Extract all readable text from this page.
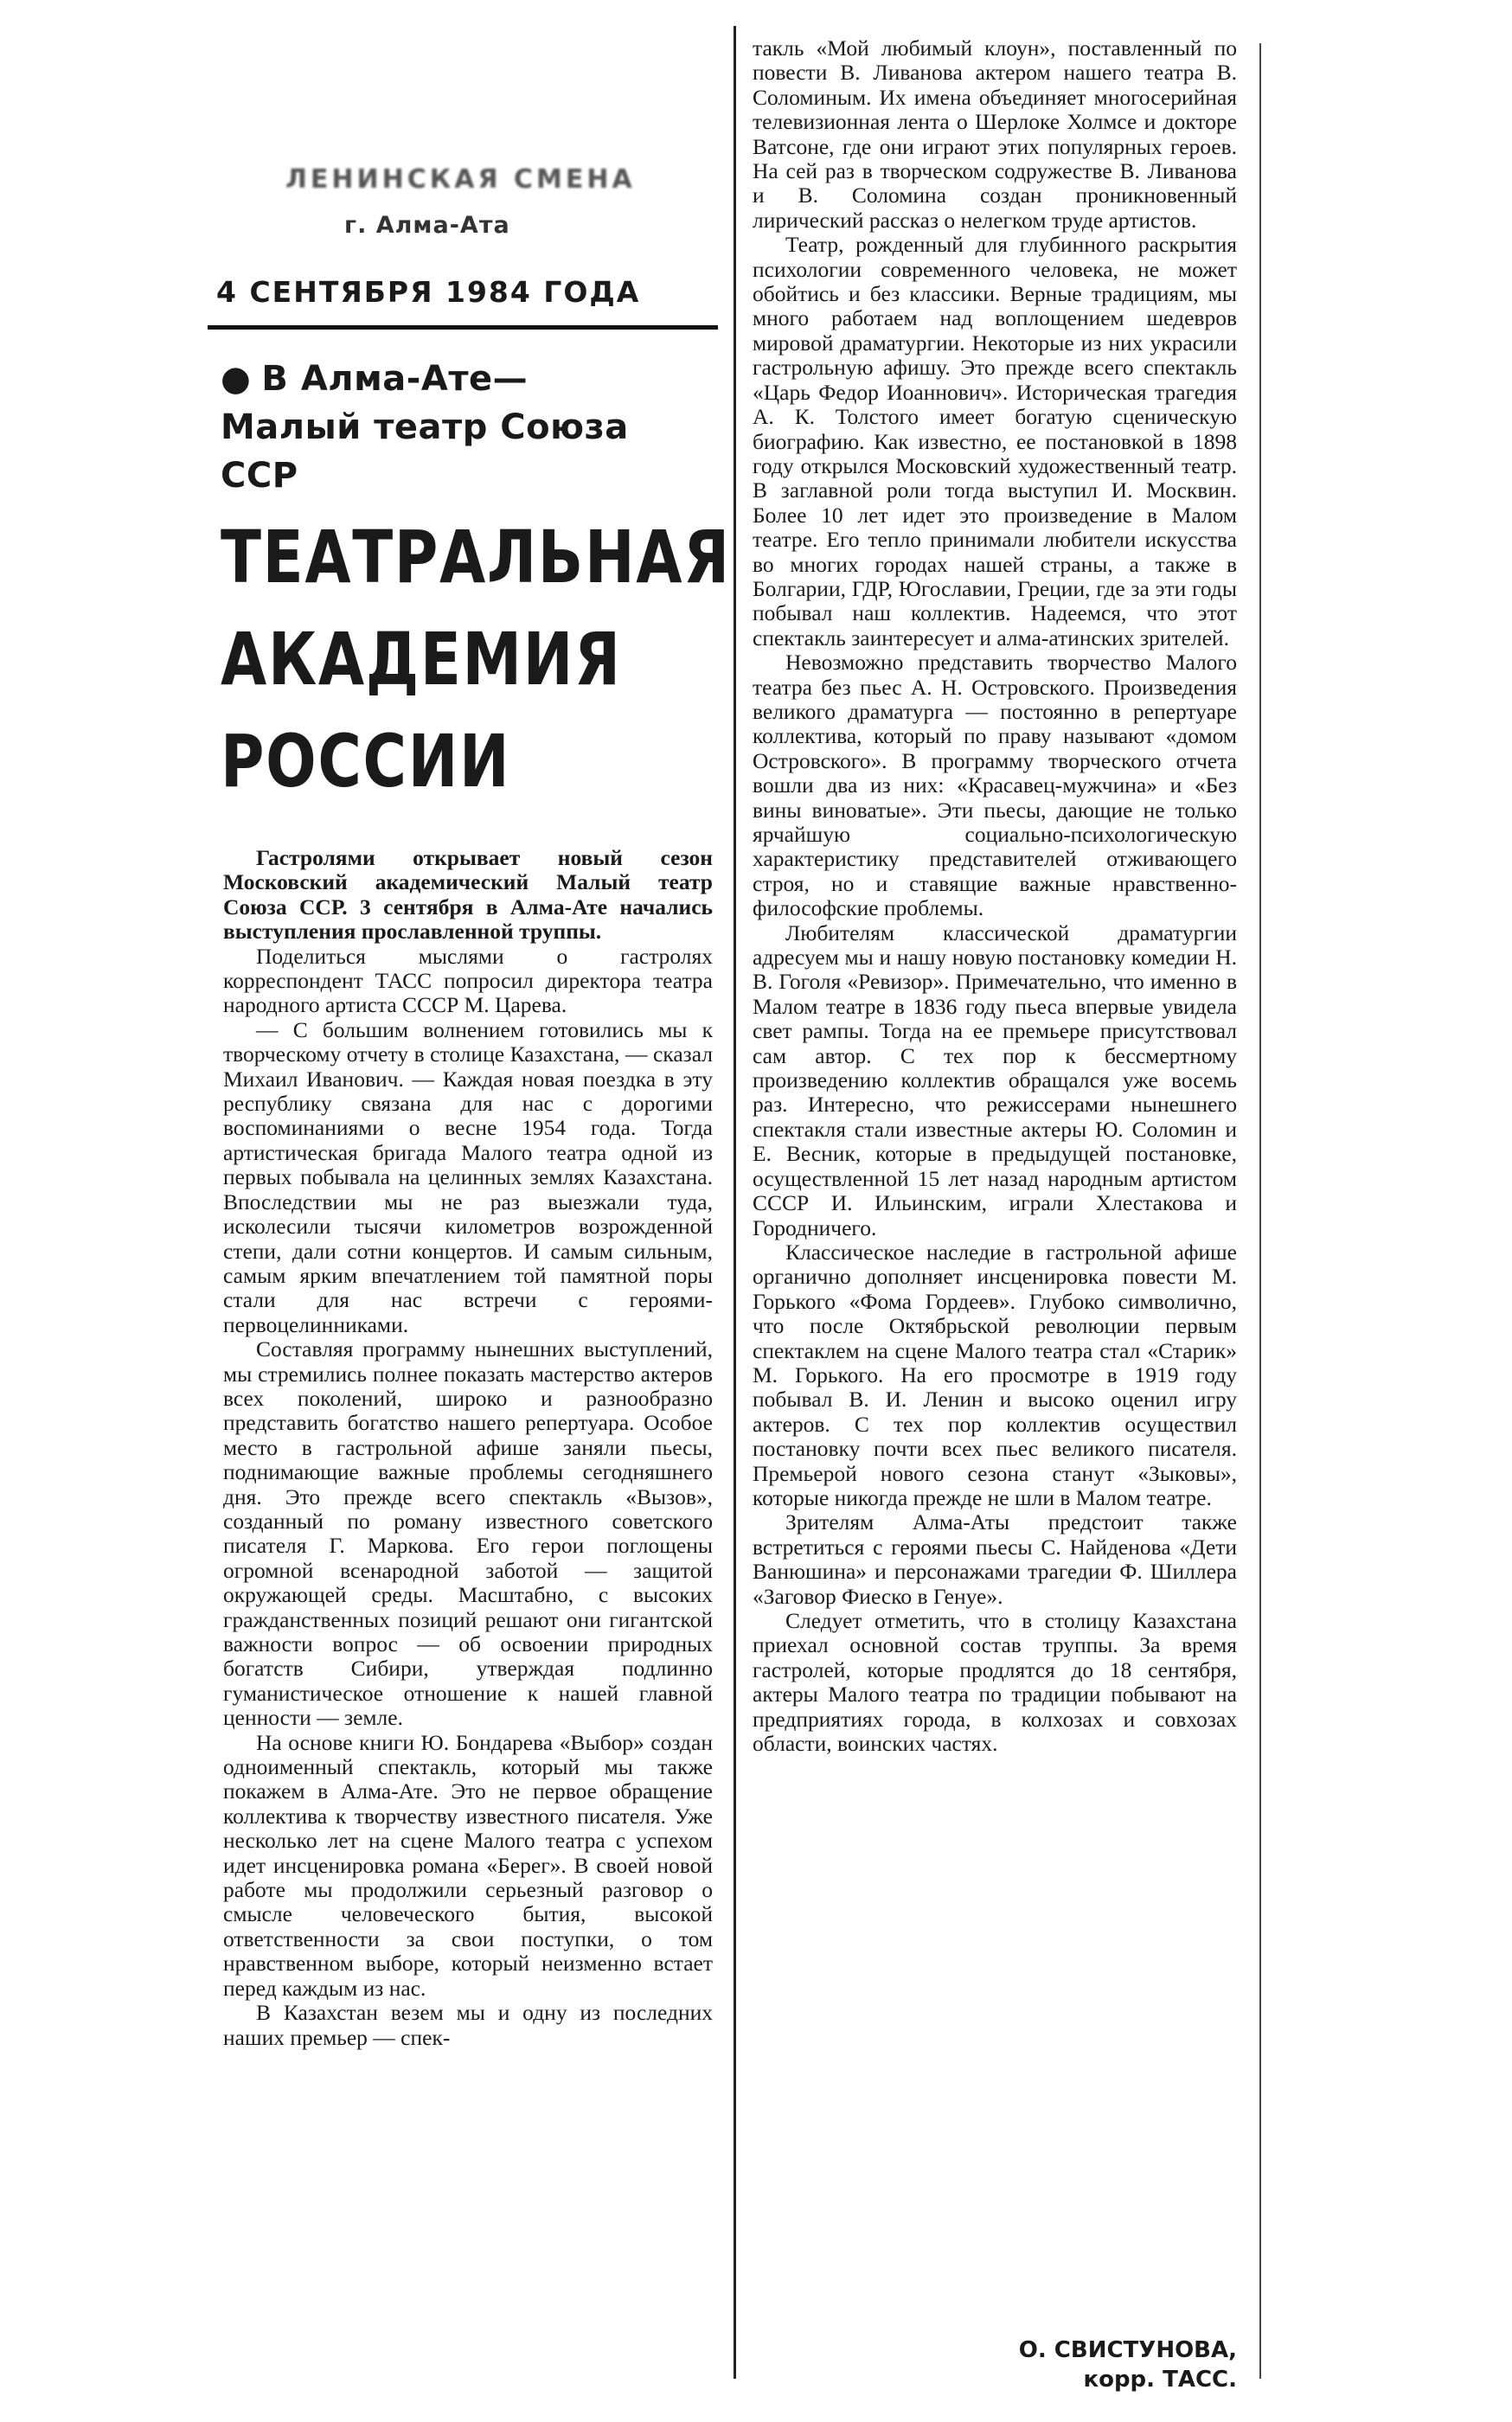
ЛЕНИНСКАЯ СМЕНА
г. Алма-Ата
4 СЕНТЯБРЯ 1984 ГОДА
● В Алма-Ате—
Малый театр Союза ССР
ТЕАТРАЛЬНАЯ
АКАДЕМИЯ
РОССИИ

Гастролями открывает новый сезон Московский академический Малый театр Союза ССР. 3 сентября в Алма-Ате начались выступления прославленной труппы.

Поделиться мыслями о гастролях корреспондент ТАСС попросил директора театра народного артиста СССР М. Царева.

— С большим волнением готовились мы к творческому отчету в столице Казахстана, — сказал Михаил Иванович. — Каждая новая поездка в эту республику связана для нас с дорогими воспоминаниями о весне 1954 года. Тогда артистическая бригада Малого театра одной из первых побывала на целинных землях Казахстана. Впоследствии мы не раз выезжали туда, исколесили тысячи километров возрожденной степи, дали сотни концертов. И самым сильным, самым ярким впечатлением той памятной поры стали для нас встречи с героями-первоцелинниками.

Составляя программу нынешних выступлений, мы стремились полнее показать мастерство актеров всех поколений, широко и разнообразно представить богатство нашего репертуара. Особое место в гастрольной афише заняли пьесы, поднимающие важные проблемы сегодняшнего дня. Это прежде всего спектакль «Вызов», созданный по роману известного советского писателя Г. Маркова. Его герои поглощены огромной всенародной заботой — защитой окружающей среды. Масштабно, с высоких гражданственных позиций решают они гигантской важности вопрос — об освоении природных богатств Сибири, утверждая подлинно гуманистическое отношение к нашей главной ценности — земле.

На основе книги Ю. Бондарева «Выбор» создан одноименный спектакль, который мы также покажем в Алма-Ате. Это не первое обращение коллектива к творчеству известного писателя. Уже несколько лет на сцене Малого театра с успехом идет инсценировка романа «Берег». В своей новой работе мы продолжили серьезный разговор о смысле человеческого бытия, высокой ответственности за свои поступки, о том нравственном выборе, который неизменно встает перед каждым из нас.

В Казахстан везем мы и одну из последних наших премьер — спек-

такль «Мой любимый клоун», поставленный по повести В. Ливанова актером нашего театра В. Соломиным. Их имена объединяет многосерийная телевизионная лента о Шерлоке Холмсе и докторе Ватсоне, где они играют этих популярных героев. На сей раз в творческом содружестве В. Ливанова и В. Соломина создан проникновенный лирический рассказ о нелегком труде артистов.

Театр, рожденный для глубинного раскрытия психологии современного человека, не может обойтись и без классики. Верные традициям, мы много работаем над воплощением шедевров мировой драматургии. Некоторые из них украсили гастрольную афишу. Это прежде всего спектакль «Царь Федор Иоаннович». Историческая трагедия А. К. Толстого имеет богатую сценическую биографию. Как известно, ее постановкой в 1898 году открылся Московский художественный театр. В заглавной роли тогда выступил И. Москвин. Более 10 лет идет это произведение в Малом театре. Его тепло принимали любители искусства во многих городах нашей страны, а также в Болгарии, ГДР, Югославии, Греции, где за эти годы побывал наш коллектив. Надеемся, что этот спектакль заинтересует и алма-атинских зрителей.

Невозможно представить творчество Малого театра без пьес А. Н. Островского. Произведения великого драматурга — постоянно в репертуаре коллектива, который по праву называют «домом Островского». В программу творческого отчета вошли два из них: «Красавец-мужчина» и «Без вины виноватые». Эти пьесы, дающие не только ярчайшую социально-психологическую характеристику представителей отживающего строя, но и ставящие важные нравственно-философские проблемы.

Любителям классической драматургии адресуем мы и нашу новую постановку комедии Н. В. Гоголя «Ревизор». Примечательно, что именно в Малом театре в 1836 году пьеса впервые увидела свет рампы. Тогда на ее премьере присутствовал сам автор. С тех пор к бессмертному произведению коллектив обращался уже восемь раз. Интересно, что режиссерами нынешнего спектакля стали известные актеры Ю. Соломин и Е. Весник, которые в предыдущей постановке, осуществленной 15 лет назад народным артистом СССР И. Ильинским, играли Хлестакова и Городничего.

Классическое наследие в гастрольной афише органично дополняет инсценировка повести М. Горького «Фома Гордеев». Глубоко символично, что после Октябрьской революции первым спектаклем на сцене Малого театра стал «Старик» М. Горького. На его просмотре в 1919 году побывал В. И. Ленин и высоко оценил игру актеров. С тех пор коллектив осуществил постановку почти всех пьес великого писателя. Премьерой нового сезона станут «Зыковы», которые никогда прежде не шли в Малом театре.

Зрителям Алма-Аты предстоит также встретиться с героями пьесы С. Найденова «Дети Ванюшина» и персонажами трагедии Ф. Шиллера «Заговор Фиеско в Генуе».

Следует отметить, что в столицу Казахстана приехал основной состав труппы. За время гастролей, которые продлятся до 18 сентября, актеры Малого театра по традиции побывают на предприятиях города, в колхозах и совхозах области, воинских частях.

О. СВИСТУНОВА,
корр. ТАСС.
